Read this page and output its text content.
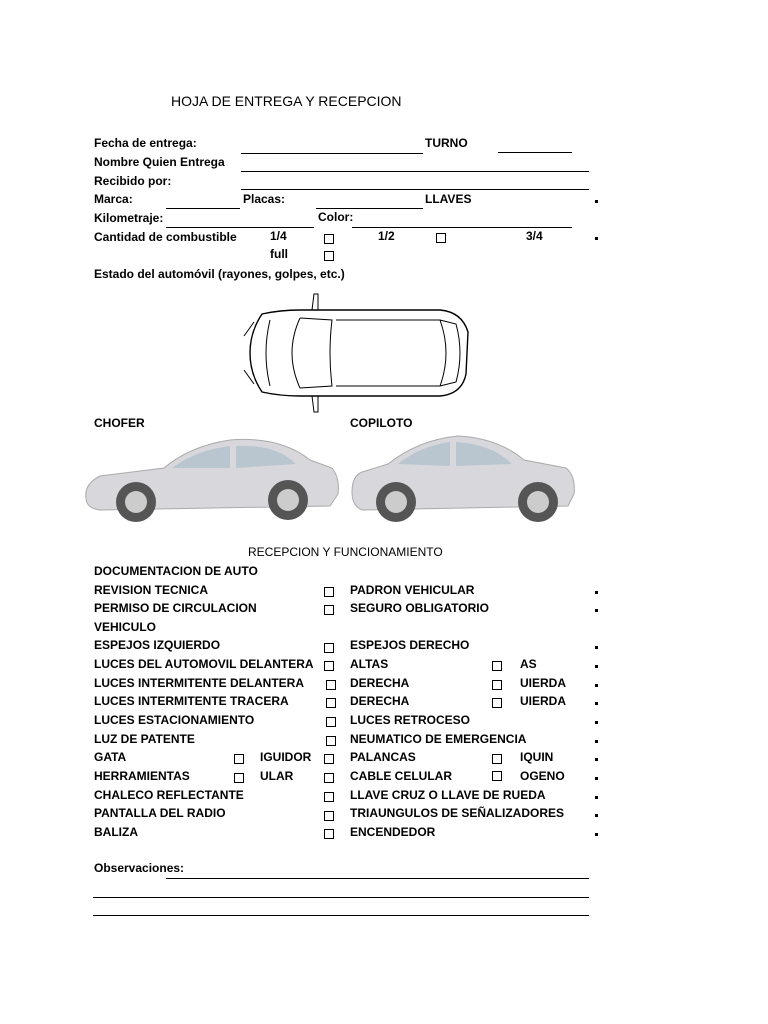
HOJA DE ENTREGA Y RECEPCION
Fecha de entrega:	TURNO
Nombre Quien Entrega
Recibido por:
Marca:	Placas:	LLAVES
Kilometraje:	Color:
Cantidad de combustible	1/4	1/2	3/4
full
Estado del automóvil (rayones, golpes, etc.)
CHOFER	COPILOTO
RECEPCION Y FUNCIONAMIENTO
DOCUMENTACION DE AUTO
REVISION TECNICA	PADRON VEHICULAR
PERMISO DE CIRCULACION	SEGURO OBLIGATORIO
VEHICULO
ESPEJOS IZQUIERDO	ESPEJOS DERECHO
LUCES DEL AUTOMOVIL DELANTERA	ALTAS	AS
LUCES INTERMITENTE DELANTERA	DERECHA	UIERDA
LUCES INTERMITENTE TRACERA	DERECHA	UIERDA
LUCES ESTACIONAMIENTO	LUCES RETROCESO
LUZ DE PATENTE	NEUMATICO DE EMERGENCIA
GATA	IGUIDOR	PALANCAS	IQUIN
HERRAMIENTAS	ULAR	CABLE CELULAR	OGENO
CHALECO REFLECTANTE	LLAVE CRUZ O LLAVE DE RUEDA
PANTALLA DEL RADIO	TRIAUNGULOS DE SEÑALIZADORES
BALIZA	ENCENDEDOR
Observaciones:
